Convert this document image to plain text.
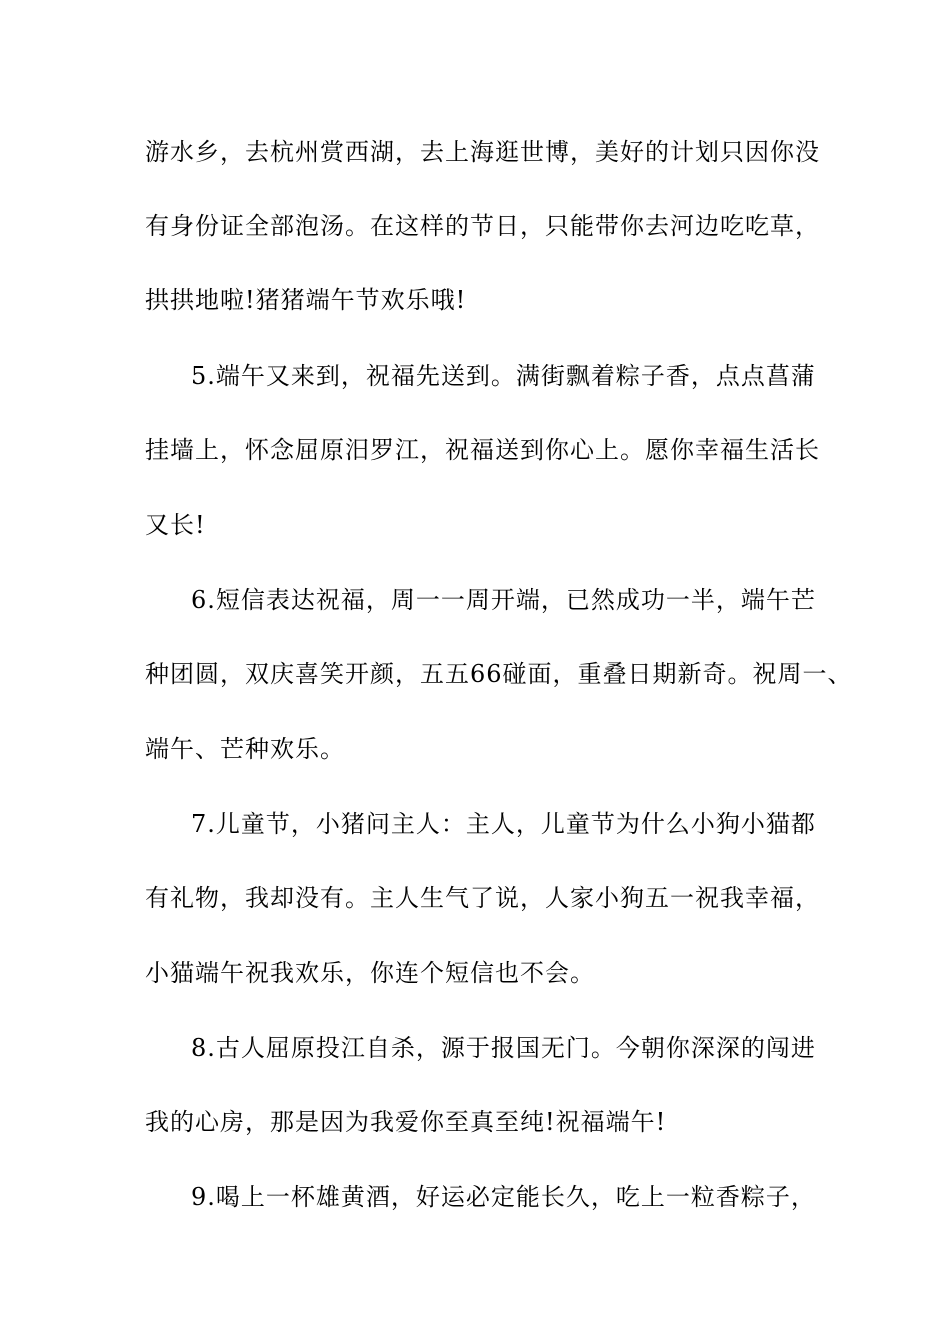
游水乡，去杭州赏西湖，去上海逛世博，美好的计划只因你没
有身份证全部泡汤。在这样的节日，只能带你去河边吃吃草，
拱拱地啦!猪猪端午节欢乐哦!
5.端午又来到，祝福先送到。满街飘着粽子香，点点菖蒲
挂墙上，怀念屈原汨罗江，祝福送到你心上。愿你幸福生活长
又长!
6.短信表达祝福，周一一周开端，已然成功一半，端午芒
种团圆，双庆喜笑开颜，五五66碰面，重叠日期新奇。祝周一、
端午、芒种欢乐。
7.儿童节，小猪问主人：主人，儿童节为什么小狗小猫都
有礼物，我却没有。主人生气了说，人家小狗五一祝我幸福，
小猫端午祝我欢乐，你连个短信也不会。
8.古人屈原投江自杀，源于报国无门。今朝你深深的闯进
我的心房，那是因为我爱你至真至纯!祝福端午!
9.喝上一杯雄黄酒，好运必定能长久，吃上一粒香粽子，
